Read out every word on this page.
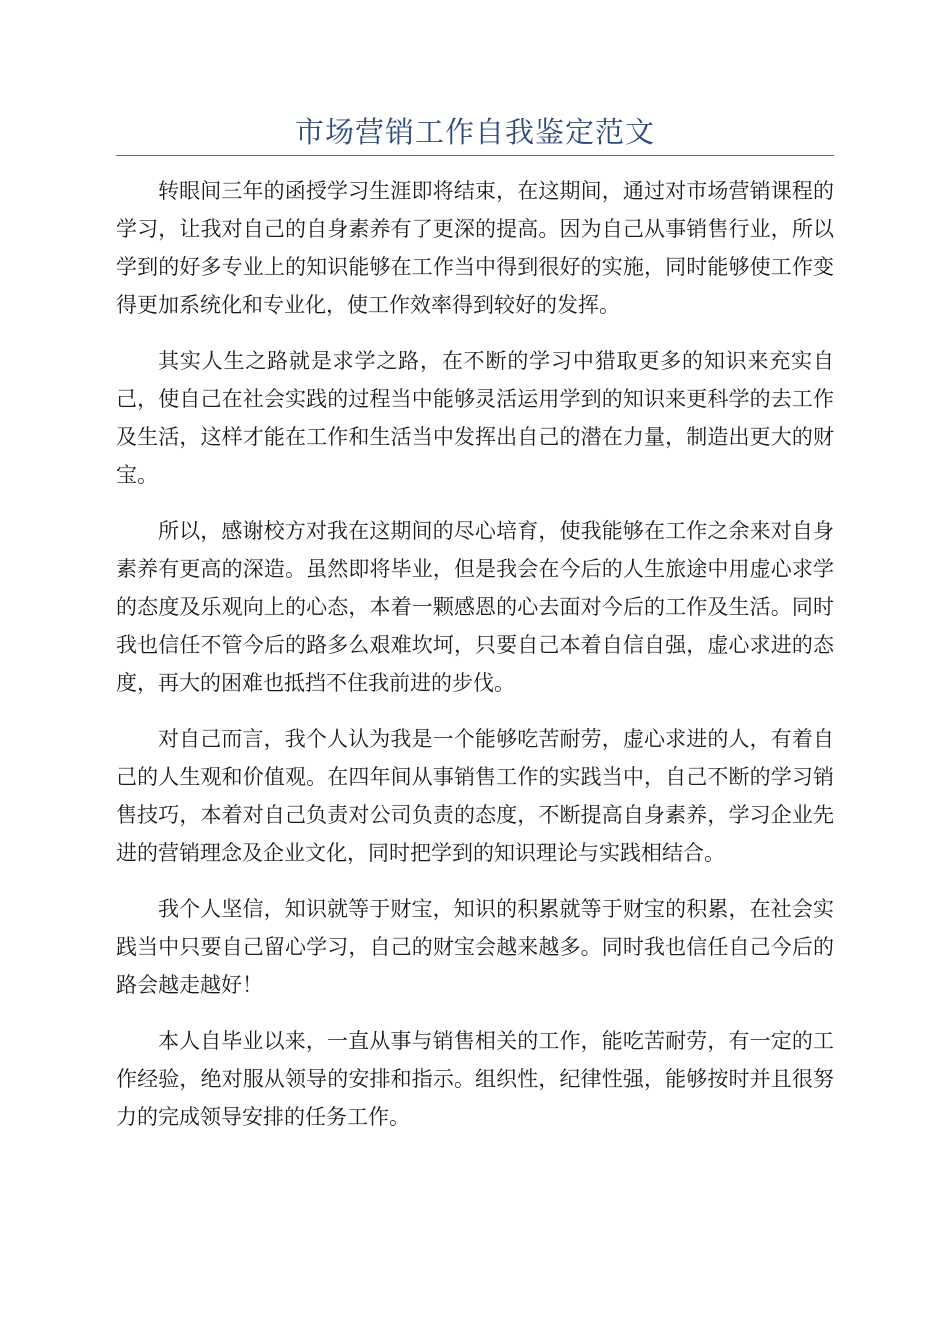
市场营销工作自我鉴定范文

转眼间三年的函授学习生涯即将结束，在这期间，通过对市场营销课程的学习，让我对自己的自身素养有了更深的提高。因为自己从事销售行业，所以学到的好多专业上的知识能够在工作当中得到很好的实施，同时能够使工作变得更加系统化和专业化，使工作效率得到较好的发挥。

其实人生之路就是求学之路，在不断的学习中猎取更多的知识来充实自己，使自己在社会实践的过程当中能够灵活运用学到的知识来更科学的去工作及生活，这样才能在工作和生活当中发挥出自己的潜在力量，制造出更大的财宝。

所以，感谢校方对我在这期间的尽心培育，使我能够在工作之余来对自身素养有更高的深造。虽然即将毕业，但是我会在今后的人生旅途中用虚心求学的态度及乐观向上的心态，本着一颗感恩的心去面对今后的工作及生活。同时我也信任不管今后的路多么艰难坎坷，只要自己本着自信自强，虚心求进的态度，再大的困难也抵挡不住我前进的步伐。

对自己而言，我个人认为我是一个能够吃苦耐劳，虚心求进的人，有着自己的人生观和价值观。在四年间从事销售工作的实践当中，自己不断的学习销售技巧，本着对自己负责对公司负责的态度，不断提高自身素养，学习企业先进的营销理念及企业文化，同时把学到的知识理论与实践相结合。

我个人坚信，知识就等于财宝，知识的积累就等于财宝的积累，在社会实践当中只要自己留心学习，自己的财宝会越来越多。同时我也信任自己今后的路会越走越好！

本人自毕业以来，一直从事与销售相关的工作，能吃苦耐劳，有一定的工作经验，绝对服从领导的安排和指示。组织性，纪律性强，能够按时并且很努力的完成领导安排的任务工作。
